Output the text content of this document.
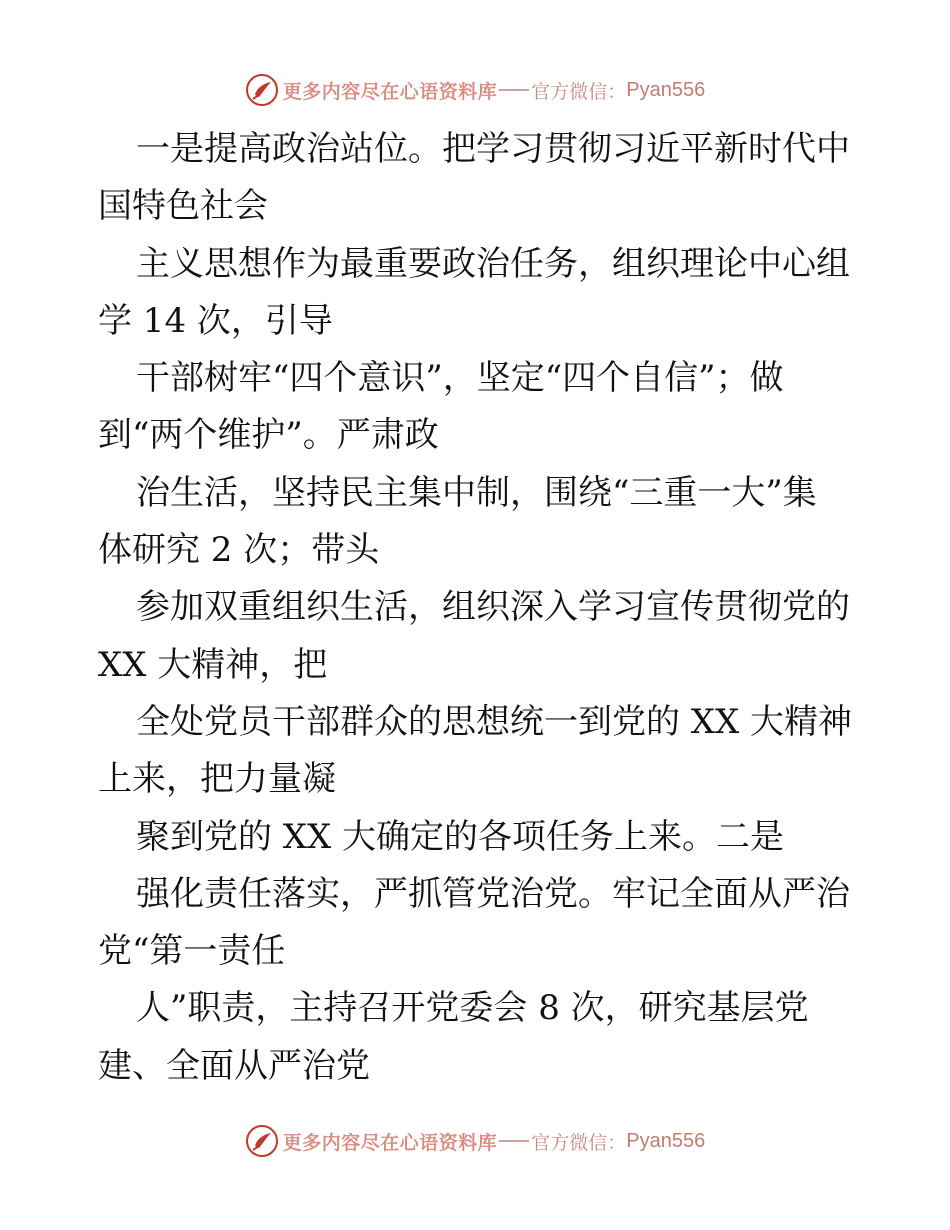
更多内容尽在心语资料库 官方微信： Pyan556
一是提高政治站位。把学习贯彻习近平新时代中
国特色社会
主义思想作为最重要政治任务，组织理论中心组
学 14 次，引导
干部树牢“四个意识”，坚定“四个自信”；做
到“两个维护”。严肃政
治生活，坚持民主集中制，围绕“三重一大”集
体研究 2 次；带头
参加双重组织生活，组织深入学习宣传贯彻党的
XX 大精神，把
全处党员干部群众的思想统一到党的 XX 大精神
上来，把力量凝
聚到党的 XX 大确定的各项任务上来。二是
强化责任落实，严抓管党治党。牢记全面从严治
党“第一责任
人”职责，主持召开党委会 8 次，研究基层党
建、全面从严治党
更多内容尽在心语资料库 官方微信： Pyan556
